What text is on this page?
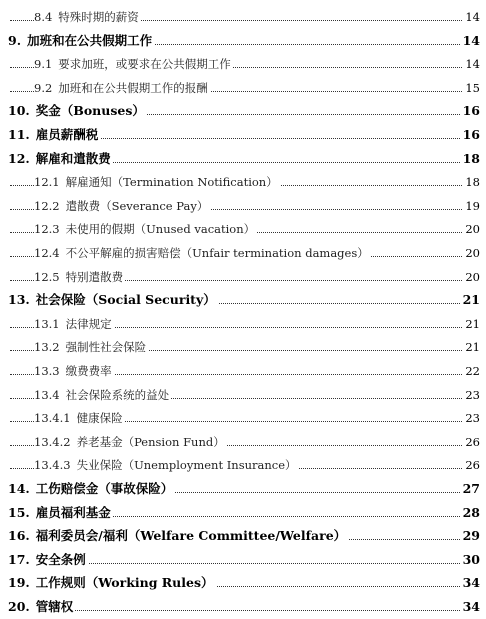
8.4 特殊时期的薪资	14
9. 加班和在公共假期工作	14
9.1 要求加班，或要求在公共假期工作	14
9.2 加班和在公共假期工作的报酬	15
10. 奖金（Bonuses）	16
11. 雇员薪酬税	16
12. 解雇和遣散费	18
12.1 解雇通知（Termination Notification）	18
12.2 遣散费（Severance Pay）	19
12.3 未使用的假期（Unused vacation）	20
12.4 不公平解雇的损害赔偿（Unfair termination damages）	20
12.5 特别遣散费	20
13. 社会保险（Social Security）	21
13.1 法律规定	21
13.2 强制性社会保险	21
13.3 缴费费率	22
13.4 社会保险系统的益处	23
13.4.1 健康保险	23
13.4.2 养老基金（Pension Fund）	26
13.4.3 失业保险（Unemployment Insurance）	26
14. 工伤赔偿金（事故保险）	27
15. 雇员福利基金	28
16. 福利委员会/福利（Welfare Committee/Welfare）	29
17. 安全条例	30
19. 工作规则（Working Rules）	34
20. 管辖权	34
